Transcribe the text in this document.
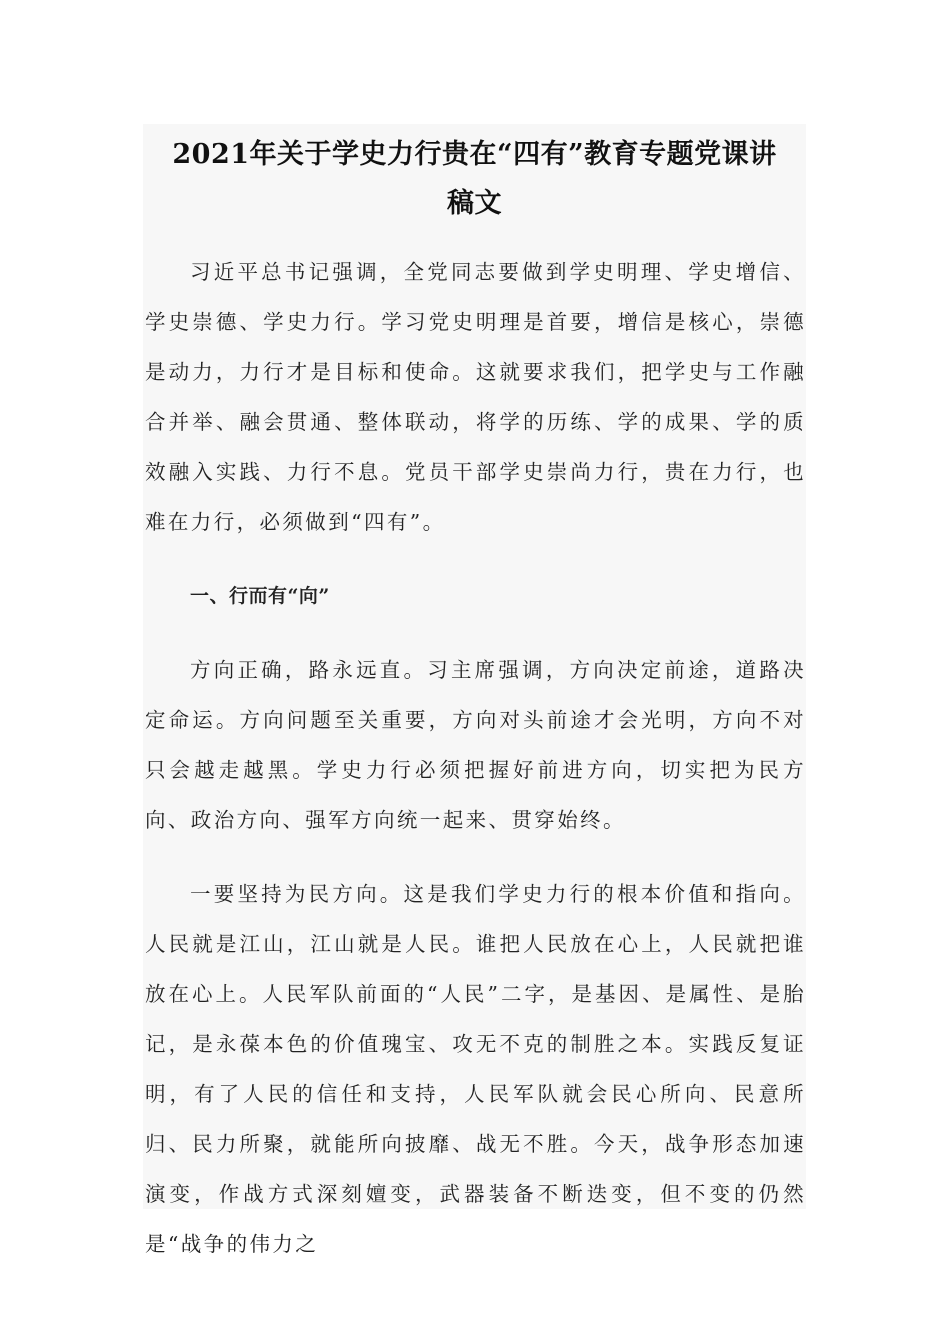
2021年关于学史力行贵在“四有”教育专题党课讲
稿文

习近平总书记强调，全党同志要做到学史明理、学史增信、学史崇德、学史力行。学习党史明理是首要，增信是核心，崇德是动力，力行才是目标和使命。这就要求我们，把学史与工作融合并举、融会贯通、整体联动，将学的历练、学的成果、学的质效融入实践、力行不息。党员干部学史崇尚力行，贵在力行，也难在力行，必须做到“四有”。

一、行而有“向”

方向正确，路永远直。习主席强调，方向决定前途，道路决定命运。方向问题至关重要，方向对头前途才会光明，方向不对只会越走越黑。学史力行必须把握好前进方向，切实把为民方向、政治方向、强军方向统一起来、贯穿始终。

一要坚持为民方向。这是我们学史力行的根本价值和指向。人民就是江山，江山就是人民。谁把人民放在心上，人民就把谁放在心上。人民军队前面的“人民”二字，是基因、是属性、是胎记，是永葆本色的价值瑰宝、攻无不克的制胜之本。实践反复证明，有了人民的信任和支持，人民军队就会民心所向、民意所归、民力所聚，就能所向披靡、战无不胜。今天，战争形态加速演变，作战方式深刻嬗变，武器装备不断迭变，但不变的仍然是“战争的伟力之
